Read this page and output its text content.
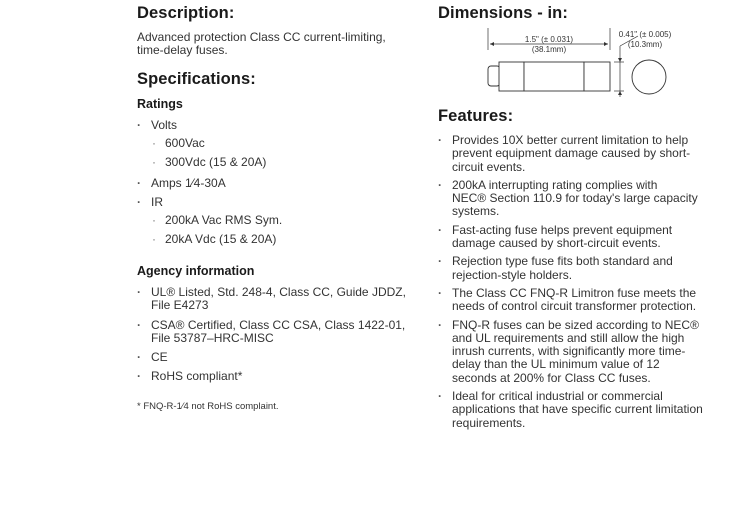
Description:

Advanced protection Class CC current-limiting,
time-delay fuses.

Specifications:
Ratings
· Volts
· 600Vac
· 300Vdc (15 & 20A)
· Amps 1⁄4-30A
· IR
· 200kA Vac RMS Sym.
· 20kA Vdc (15 & 20A)
Agency information
· UL® Listed, Std. 248-4, Class CC, Guide JDDZ,
File E4273
· CSA® Certified, Class CC CSA, Class 1422-01,
File 53787–HRC-MISC
· CE
· RoHS compliant*
* FNQ-R-1⁄4 not RoHS complaint.
Dimensions - in:
1.5" (± 0.031)
(38.1mm)
0.41" (± 0.005)
(10.3mm)
Features:
· Provides 10X better current limitation to help
prevent equipment damage caused by short-
circuit events.
· 200kA interrupting rating complies with
NEC® Section 110.9 for today's large capacity
systems.
· Fast-acting fuse helps prevent equipment
damage caused by short-circuit events.
· Rejection type fuse fits both standard and
rejection-style holders.
· The Class CC FNQ-R Limitron fuse meets the
needs of control circuit transformer protection.
· FNQ-R fuses can be sized according to NEC®
and UL requirements and still allow the high
inrush currents, with significantly more time-
delay than the UL minimum value of 12
seconds at 200% for Class CC fuses.
· Ideal for critical industrial or commercial
applications that have specific current limitation
requirements.
